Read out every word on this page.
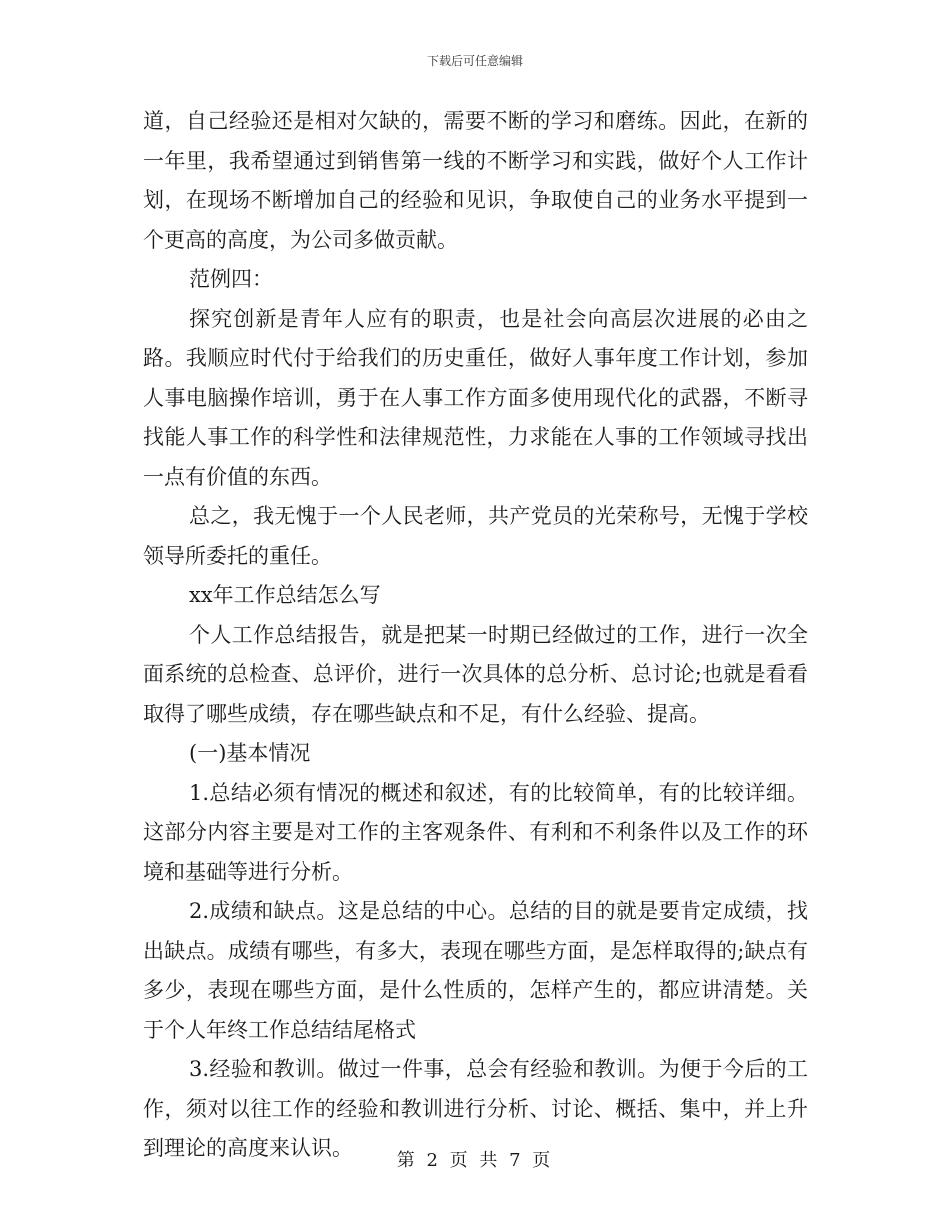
下载后可任意编辑

道，自己经验还是相对欠缺的，需要不断的学习和磨练。因此，在新的一年里，我希望通过到销售第一线的不断学习和实践，做好个人工作计划，在现场不断增加自己的经验和见识，争取使自己的业务水平提到一个更高的高度，为公司多做贡献。

范例四：

探究创新是青年人应有的职责，也是社会向高层次进展的必由之路。我顺应时代付于给我们的历史重任，做好人事年度工作计划，参加人事电脑操作培训，勇于在人事工作方面多使用现代化的武器，不断寻找能人事工作的科学性和法律规范性，力求能在人事的工作领域寻找出一点有价值的东西。

总之，我无愧于一个人民老师，共产党员的光荣称号，无愧于学校领导所委托的重任。

xx年工作总结怎么写

个人工作总结报告，就是把某一时期已经做过的工作，进行一次全面系统的总检查、总评价，进行一次具体的总分析、总讨论;也就是看看取得了哪些成绩，存在哪些缺点和不足，有什么经验、提高。

(一)基本情况

1.总结必须有情况的概述和叙述，有的比较简单，有的比较详细。这部分内容主要是对工作的主客观条件、有利和不利条件以及工作的环境和基础等进行分析。

2.成绩和缺点。这是总结的中心。总结的目的就是要肯定成绩，找出缺点。成绩有哪些，有多大，表现在哪些方面，是怎样取得的;缺点有多少，表现在哪些方面，是什么性质的，怎样产生的，都应讲清楚。关于个人年终工作总结结尾格式

3.经验和教训。做过一件事，总会有经验和教训。为便于今后的工作，须对以往工作的经验和教训进行分析、讨论、概括、集中，并上升到理论的高度来认识。

第 2 页 共 7 页
